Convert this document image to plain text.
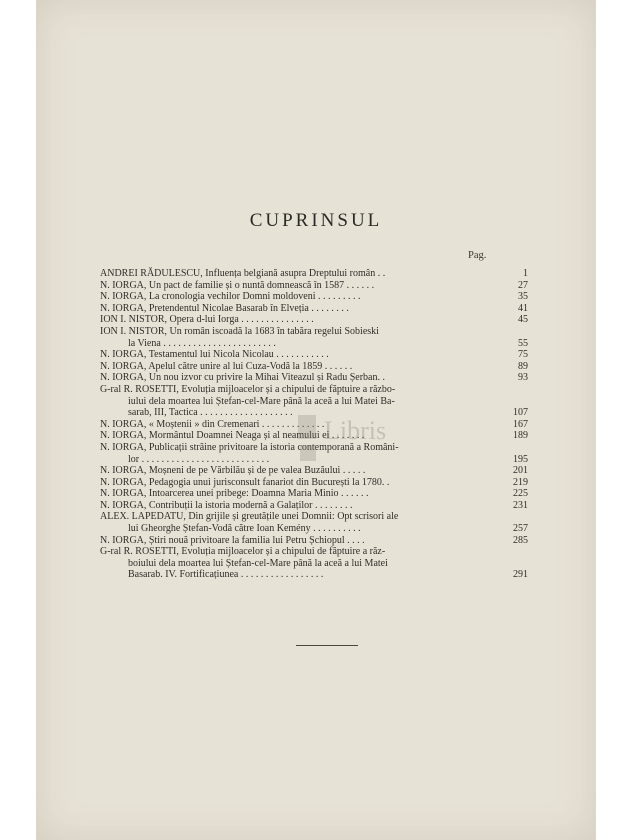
CUPRINSUL
Pag.
ANDREI RĂDULESCU, Influența belgiană asupra Dreptului român . .	1
N. IORGA, Un pact de familie și o nuntă domnească în 1587 . . . . . .	27
N. IORGA, La cronologia vechilor Domni moldoveni . . . . . . . . .	35
N. IORGA, Pretendentul Nicolae Basarab în Elveția . . . . . . . .	41
ION I. NISTOR, Opera d-lui Iorga . . . . . . . . . . . . . . .	45
ION I. NISTOR, Un român iscoadă la 1683 în tabăra regelui Sobieski
la Viena . . . . . . . . . . . . . . . . . . . . . . .	55
N. IORGA, Testamentul lui Nicola Nicolau . . . . . . . . . . .	75
N. IORGA, Apelul către unire al lui Cuza-Vodă la 1859 . . . . . .	89
N. IORGA, Un nou izvor cu privire la Mihai Viteazul și Radu Șerban. .	93
G-ral R. ROSETTI, Evoluția mijloacelor și a chipului de făptuire a războ-
iului dela moartea lui Ștefan-cel-Mare până la aceă a lui Matei Ba-
sarab, III, Tactica . . . . . . . . . . . . . . . . . . .	107
N. IORGA, « Moștenii » din Cremenari . . . . . . . . . . . . .	167
N. IORGA, Mormântul Doamnei Neaga și al neamului ei . . . . . . .	189
N. IORGA, Publicații străine privitoare la istoria contemporană a Români-
lor . . . . . . . . . . . . . . . . . . . . . . . . . .	195
N. IORGA, Moșneni de pe Vărbilău și de pe valea Buzăului . . . . .	201
N. IORGA, Pedagogia unui jurisconsult fanariot din București la 1780. .	219
N. IORGA, Intoarcerea unei pribege: Doamna Maria Minio . . . . . .	225
N. IORGA, Contribuții la istoria modernă a Galaților . . . . . . . .	231
ALEX. LAPEDATU, Din grijile și greutățile unei Domnii: Opt scrisori ale
lui Gheorghe Ștefan-Vodă către Ioan Kemény . . . . . . . . . .	257
N. IORGA, Știri nouă privitoare la familia lui Petru Șchiopul . . . .	285
G-ral R. ROSETTI, Evoluția mijloacelor și a chipului de făptuire a răz-
boiului dela moartea lui Ștefan-cel-Mare până la aceă a lui Matei
Basarab. IV. Fortificațiunea . . . . . . . . . . . . . . . . .	291
Libris
